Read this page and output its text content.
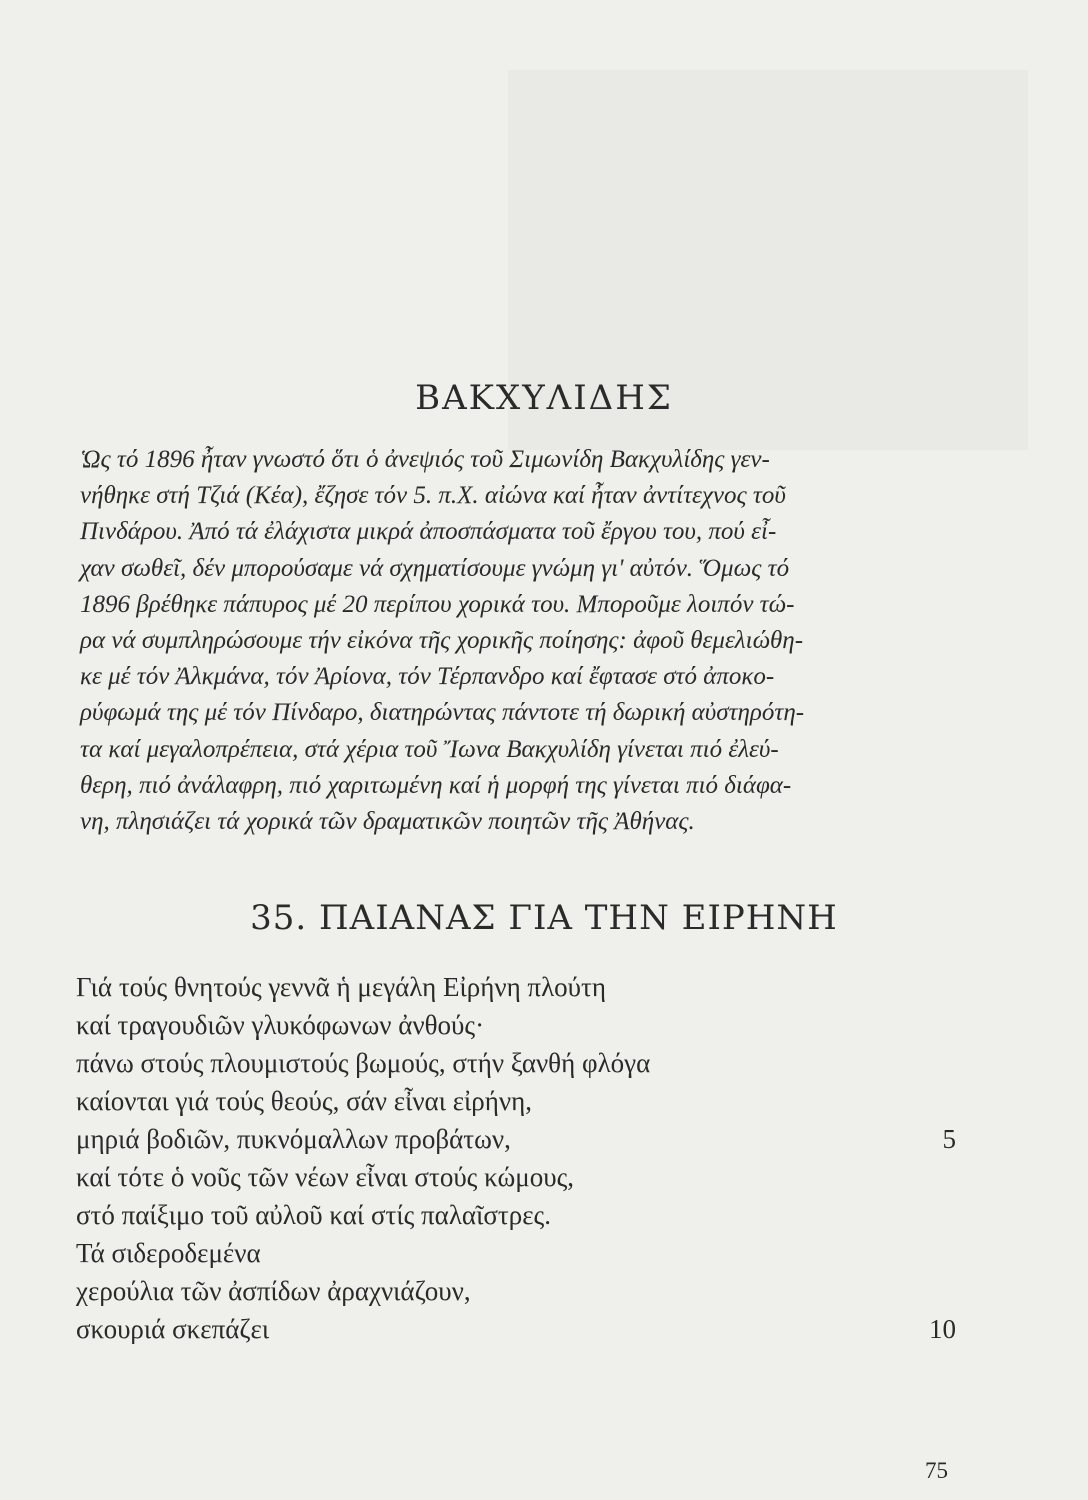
ΒΑΚΧΥΛΙΔΗΣ

Ὡς τό 1896 ἦταν γνωστό ὅτι ὁ ἀνεψιός τοῦ Σιμωνίδη Βακχυλίδης γεν-
νήθηκε στή Τζιά (Κέα), ἔζησε τόν 5. π.Χ. αἰώνα καί ἦταν ἀντίτεχνος τοῦ
Πινδάρου. Ἀπό τά ἐλάχιστα μικρά ἀποσπάσματα τοῦ ἔργου του, πού εἶ-
χαν σωθεῖ, δέν μπορούσαμε νά σχηματίσουμε γνώμη γι' αὐτόν. Ὅμως τό
1896 βρέθηκε πάπυρος μέ 20 περίπου χορικά του. Μποροῦμε λοιπόν τώ-
ρα νά συμπληρώσουμε τήν εἰκόνα τῆς χορικῆς ποίησης: ἀφοῦ θεμελιώθη-
κε μέ τόν Ἀλκμάνα, τόν Ἀρίονα, τόν Τέρπανδρο καί ἔφτασε στό ἀποκο-
ρύφωμά της μέ τόν Πίνδαρο, διατηρώντας πάντοτε τή δωρική αὐστηρότη-
τα καί μεγαλοπρέπεια, στά χέρια τοῦ Ἴωνα Βακχυλίδη γίνεται πιό ἐλεύ-
θερη, πιό ἀνάλαφρη, πιό χαριτωμένη καί ἡ μορφή της γίνεται πιό διάφα-
νη, πλησιάζει τά χορικά τῶν δραματικῶν ποιητῶν τῆς Ἀθήνας.

35. ΠΑΙΑΝΑΣ ΓΙΑ ΤΗΝ ΕΙΡΗΝΗ
Γιά τούς θνητούς γεννᾶ ἡ μεγάλη Εἰρήνη πλούτη
καί τραγουδιῶν γλυκόφωνων ἀνθούς·
πάνω στούς πλουμιστούς βωμούς, στήν ξανθή φλόγα
καίονται γιά τούς θεούς, σάν εἶναι εἰρήνη,
μηριά βοδιῶν, πυκνόμαλλων προβάτων,	5
καί τότε ὁ νοῦς τῶν νέων εἶναι στούς κώμους,
στό παίξιμο τοῦ αὐλοῦ καί στίς παλαῖστρες.
Τά σιδεροδεμένα
χερούλια τῶν ἀσπίδων ἀραχνιάζουν,
σκουριά σκεπάζει	10
75
